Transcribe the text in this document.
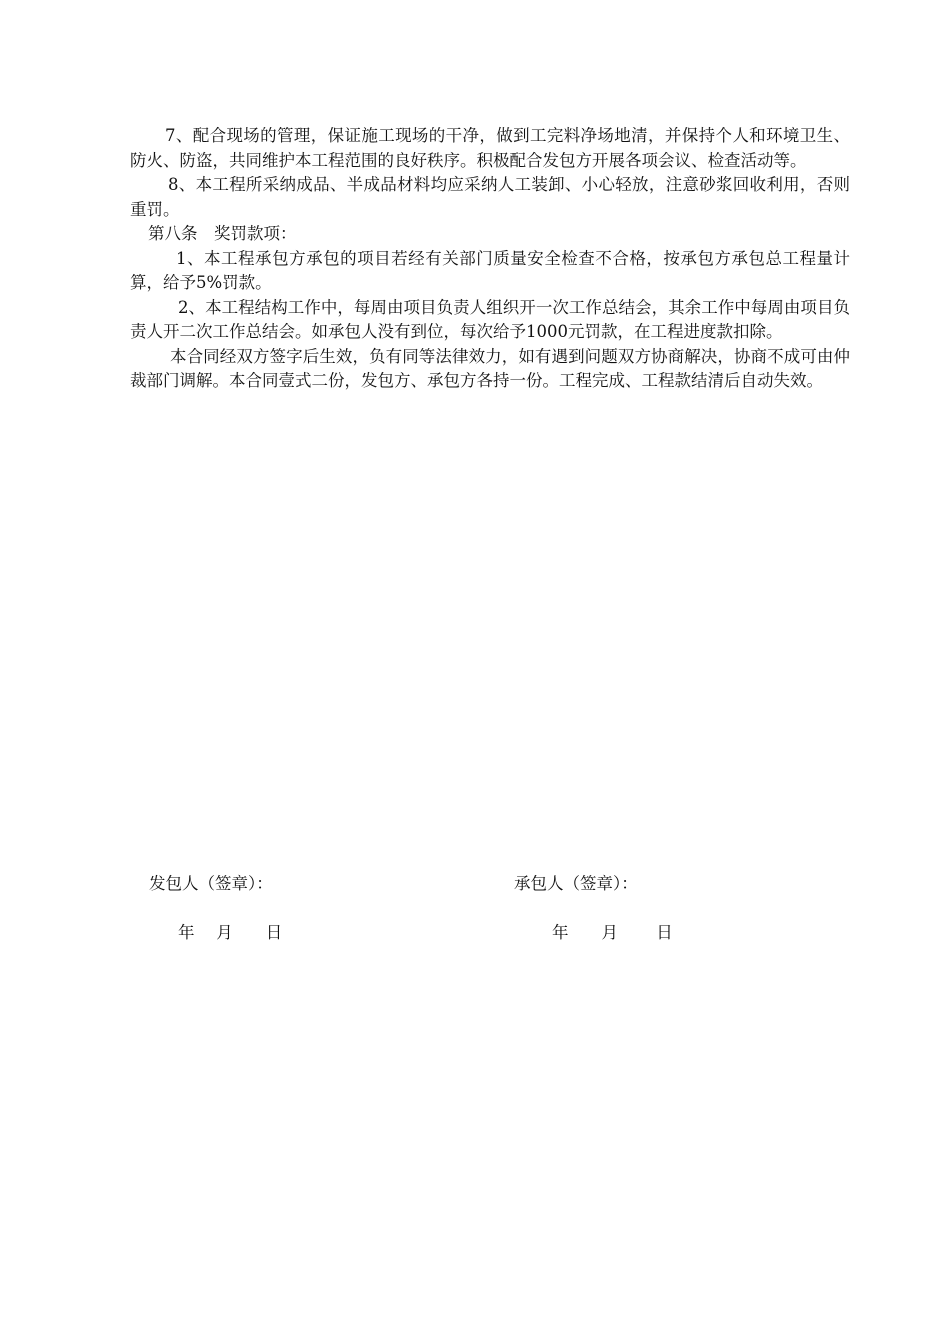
7、配合现场的管理，保证施工现场的干净，做到工完料净场地清，并保持个人和环境卫生、防火、防盗，共同维护本工程范围的良好秩序。积极配合发包方开展各项会议、检查活动等。

8、本工程所采纳成品、半成品材料均应采纳人工装卸、小心轻放，注意砂浆回收利用，否则重罚。

第八条　奖罚款项：

1、本工程承包方承包的项目若经有关部门质量安全检查不合格，按承包方承包总工程量计算，给予5%罚款。

2、本工程结构工作中，每周由项目负责人组织开一次工作总结会，其余工作中每周由项目负责人开二次工作总结会。如承包人没有到位，每次给予1000元罚款，在工程进度款扣除。

本合同经双方签字后生效，负有同等法律效力，如有遇到问题双方协商解决，协商不成可由仲裁部门调解。本合同壹式二份，发包方、承包方各持一份。工程完成、工程款结清后自动失效。

发包人（签章）：	承包人（签章）：
年　 月　　日	年　　月　　 日
